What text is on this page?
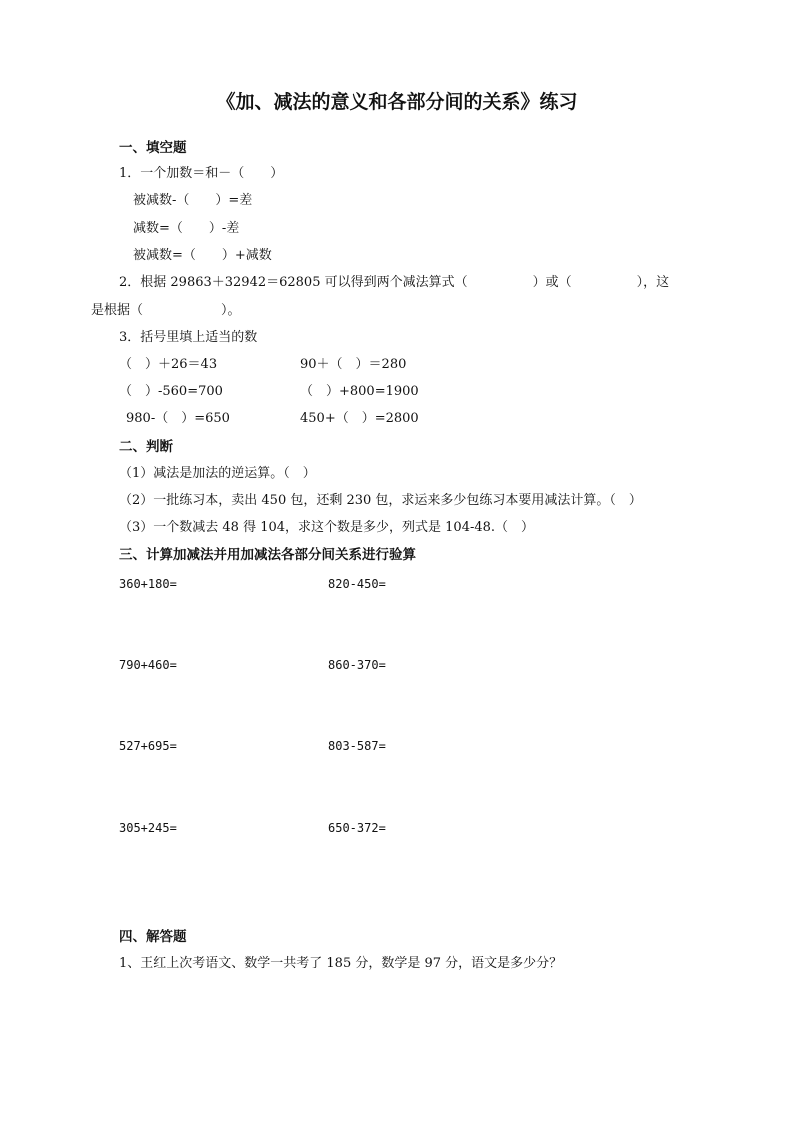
《加、减法的意义和各部分间的关系》练习
一、填空题
1．一个加数＝和－（　　）
被减数-（　　）=差
减数=（　　）-差
被减数=（　　）+减数
2．根据 29863＋32942＝62805 可以得到两个减法算式（　　　　　）或（　　　　　），这
是根据（　　　　　　）。
3．括号里填上适当的数
（　）＋26＝43	90＋（　）＝280
（　）-560=700	（　）+800=1900
980-（　）=650	450+（　）=2800
二、判断
（1）减法是加法的逆运算。（　）
（2）一批练习本，卖出 450 包，还剩 230 包，求运来多少包练习本要用减法计算。（　）
（3）一个数减去 48 得 104，求这个数是多少，列式是 104-48.（　）
三、计算加减法并用加减法各部分间关系进行验算
360+180=	820-450=
790+460=	860-370=
527+695=	803-587=
305+245=	650-372=
四、解答题
1、王红上次考语文、数学一共考了 185 分，数学是 97 分，语文是多少分？
